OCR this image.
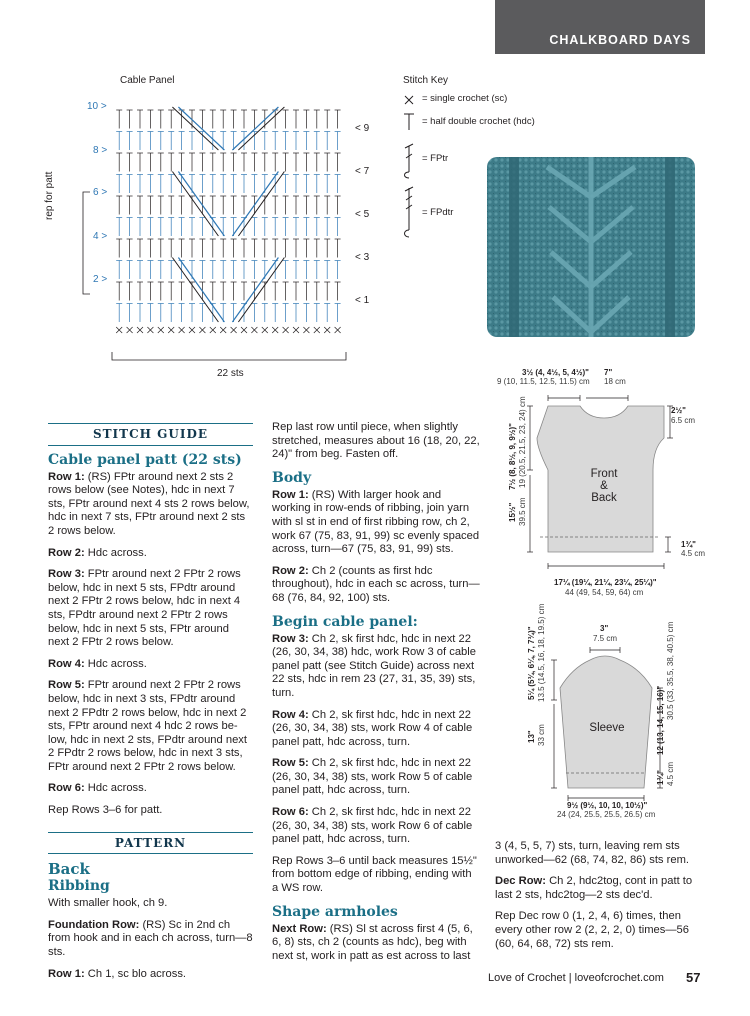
CHALKBOARD DAYS
Cable Panel
10 >
8 >
6 >
4 >
2 >
< 9
< 7
< 5
< 3
< 1
rep for patt
22 sts
Stitch Key
= single crochet (sc)
= half double crochet (hdc)
= FPtr
= FPdtr
STITCH GUIDE
Cable panel patt (22 sts)

Row 1: (RS) FPtr around next 2 sts 2 rows below (see Notes), hdc in next 7 sts, FPtr around next 4 sts 2 rows below, hdc in next 7 sts, FPtr around next 2 sts 2 rows below.

Row 2: Hdc across.

Row 3: FPtr around next 2 FPtr 2 rows below, hdc in next 5 sts, FPdtr around next 2 FPtr 2 rows below, hdc in next 4 sts, FPdtr around next 2 FPtr 2 rows below, hdc in next 5 sts, FPtr around next 2 FPtr 2 rows below.

Row 4: Hdc across.

Row 5: FPtr around next 2 FPtr 2 rows below, hdc in next 3 sts, FPdtr around next 2 FPdtr 2 rows below, hdc in next 2 sts, FPtr around next 4 hdc 2 rows be-low, hdc in next 2 sts, FPdtr around next 2 FPdtr 2 rows below, hdc in next 3 sts, FPtr around next 2 FPtr 2 rows below.

Row 6: Hdc across.

Rep Rows 3–6 for patt.

PATTERN
Back
Ribbing

With smaller hook, ch 9.

Foundation Row: (RS) Sc in 2nd ch from hook and in each ch across, turn—8 sts.

Row 1: Ch 1, sc blo across.

Rep last row until piece, when slightly stretched, measures about 16 (18, 20, 22, 24)" from beg. Fasten off.

Body

Row 1: (RS) With larger hook and working in row-ends of ribbing, join yarn with sl st in end of first ribbing row, ch 2, work 67 (75, 83, 91, 99) sc evenly spaced across, turn—67 (75, 83, 91, 99) sts.

Row 2: Ch 2 (counts as first hdc throughout), hdc in each sc across, turn—68 (76, 84, 92, 100) sts.

Begin cable panel:

Row 3: Ch 2, sk first hdc, hdc in next 22 (26, 30, 34, 38) hdc, work Row 3 of cable panel patt (see Stitch Guide) across next 22 sts, hdc in rem 23 (27, 31, 35, 39) sts, turn.

Row 4: Ch 2, sk first hdc, hdc in next 22 (26, 30, 34, 38) sts, work Row 4 of cable panel patt, hdc across, turn.

Row 5: Ch 2, sk first hdc, hdc in next 22 (26, 30, 34, 38) sts, work Row 5 of cable panel patt, hdc across, turn.

Row 6: Ch 2, sk first hdc, hdc in next 22 (26, 30, 34, 38) sts, work Row 6 of cable panel patt, hdc across, turn.

Rep Rows 3–6 until back measures 15½" from bottom edge of ribbing, ending with a WS row.

Shape armholes

Next Row: (RS) Sl st across first 4 (5, 6, 6, 8) sts, ch 2 (counts as hdc), beg with next st, work in patt as est across to last

3 (4, 5, 5, 7) sts, turn, leaving rem sts unworked—62 (68, 74, 82, 86) sts rem.

Dec Row: Ch 2, hdc2tog, cont in patt to last 2 sts, hdc2tog—2 sts dec'd.

Rep Dec row 0 (1, 2, 4, 6) times, then every other row 2 (2, 2, 2, 0) times—56 (60, 64, 68, 72) sts rem.

3½ (4, 4½, 5, 4½)"
9 (10, 11.5, 12.5, 11.5) cm
7"
18 cm
2½"
6.5 cm
7½ (8, 8½, 9, 9½)" 19 (20.5, 21.5, 23, 24) cm
15½" 39.5 cm
1¾"
4.5 cm
Front
&
Back
17¼ (19¼, 21¼, 23¼, 25¼)"
44 (49, 54, 59, 64) cm
3"
7.5 cm
5¼ (5¾, 6¼, 7, 7¾)" 13.5 (14.5, 16, 18, 19.5) cm
13" 33 cm	12 (13, 14, 15, 16)"
30.5 (33, 35.5, 38, 40.5) cm
1¾" 4.5 cm
Sleeve
9½ (9½, 10, 10, 10½)"
24 (24, 25.5, 25.5, 26.5) cm
Love of Crochet | loveofcrochet.com 57
